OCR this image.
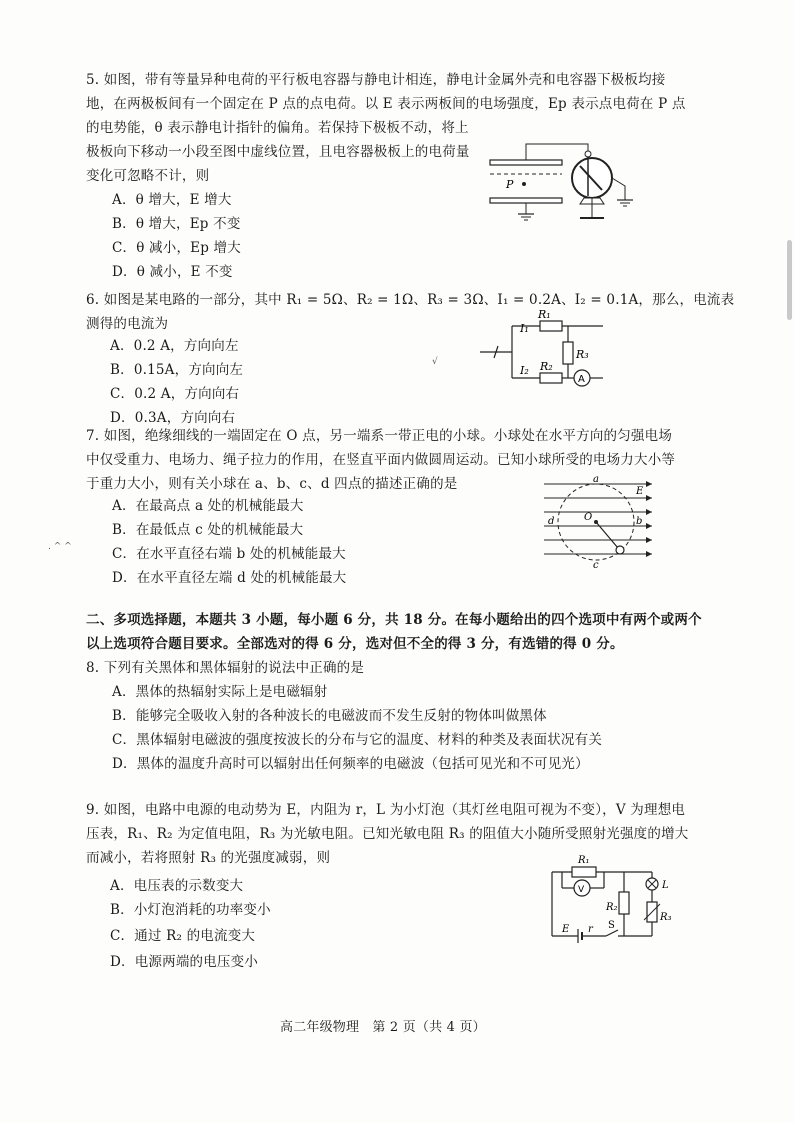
5. 如图，带有等量异种电荷的平行板电容器与静电计相连，静电计金属外壳和电容器下极板均接
地，在两极板间有一个固定在 P 点的点电荷。以 E 表示两板间的电场强度，Ep 表示点电荷在 P 点
的电势能，θ 表示静电计指针的偏角。若保持下极板不动，将上
极板向下移动一小段至图中虚线位置，且电容器极板上的电荷量
变化可忽略不计，则
A．θ 增大，E 增大
B．θ 增大，Ep 不变
C．θ 减小，Ep 增大
D．θ 减小，E 不变
P
6. 如图是某电路的一部分，其中 R₁ = 5Ω、R₂ = 1Ω、R₃ = 3Ω、I₁ = 0.2A、I₂ = 0.1A，那么，电流表
测得的电流为
A．0.2 A，方向向左
B．0.15A，方向向左
C．0.2 A，方向向右
D．0.3A，方向向右
I₁
R₁
R₃
I₂ R₂
A
√
7. 如图，绝缘细线的一端固定在 O 点，另一端系一带正电的小球。小球处在水平方向的匀强电场
中仅受重力、电场力、绳子拉力的作用，在竖直平面内做圆周运动。已知小球所受的电场力大小等
于重力大小，则有关小球在 a、b、c、d 四点的描述正确的是
A．在最高点 a 处的机械能最大
B．在最低点 c 处的机械能最大
C．在水平直径右端 b 处的机械能最大
D．在水平直径左端 d 处的机械能最大
. ^ ^
a
b
c
d	O
E
二、多项选择题，本题共 3 小题，每小题 6 分，共 18 分。在每小题给出的四个选项中有两个或两个
以上选项符合题目要求。全部选对的得 6 分，选对但不全的得 3 分，有选错的得 0 分。
8. 下列有关黑体和黑体辐射的说法中正确的是
A．黑体的热辐射实际上是电磁辐射
B．能够完全吸收入射的各种波长的电磁波而不发生反射的物体叫做黑体
C．黑体辐射电磁波的强度按波长的分布与它的温度、材料的种类及表面状况有关
D．黑体的温度升高时可以辐射出任何频率的电磁波（包括可见光和不可见光）
9. 如图，电路中电源的电动势为 E，内阻为 r，L 为小灯泡（其灯丝电阻可视为不变），V 为理想电
压表，R₁、R₂ 为定值电阻，R₃ 为光敏电阻。已知光敏电阻 R₃ 的阻值大小随所受照射光强度的增大
而减小，若将照射 R₃ 的光强度减弱，则
A．电压表的示数变大
B．小灯泡消耗的功率变小
C．通过 R₂ 的电流变大
D．电源两端的电压变小
R₁
V
R₂
L
R₃
E r S
高二年级物理　第 2 页（共 4 页）
